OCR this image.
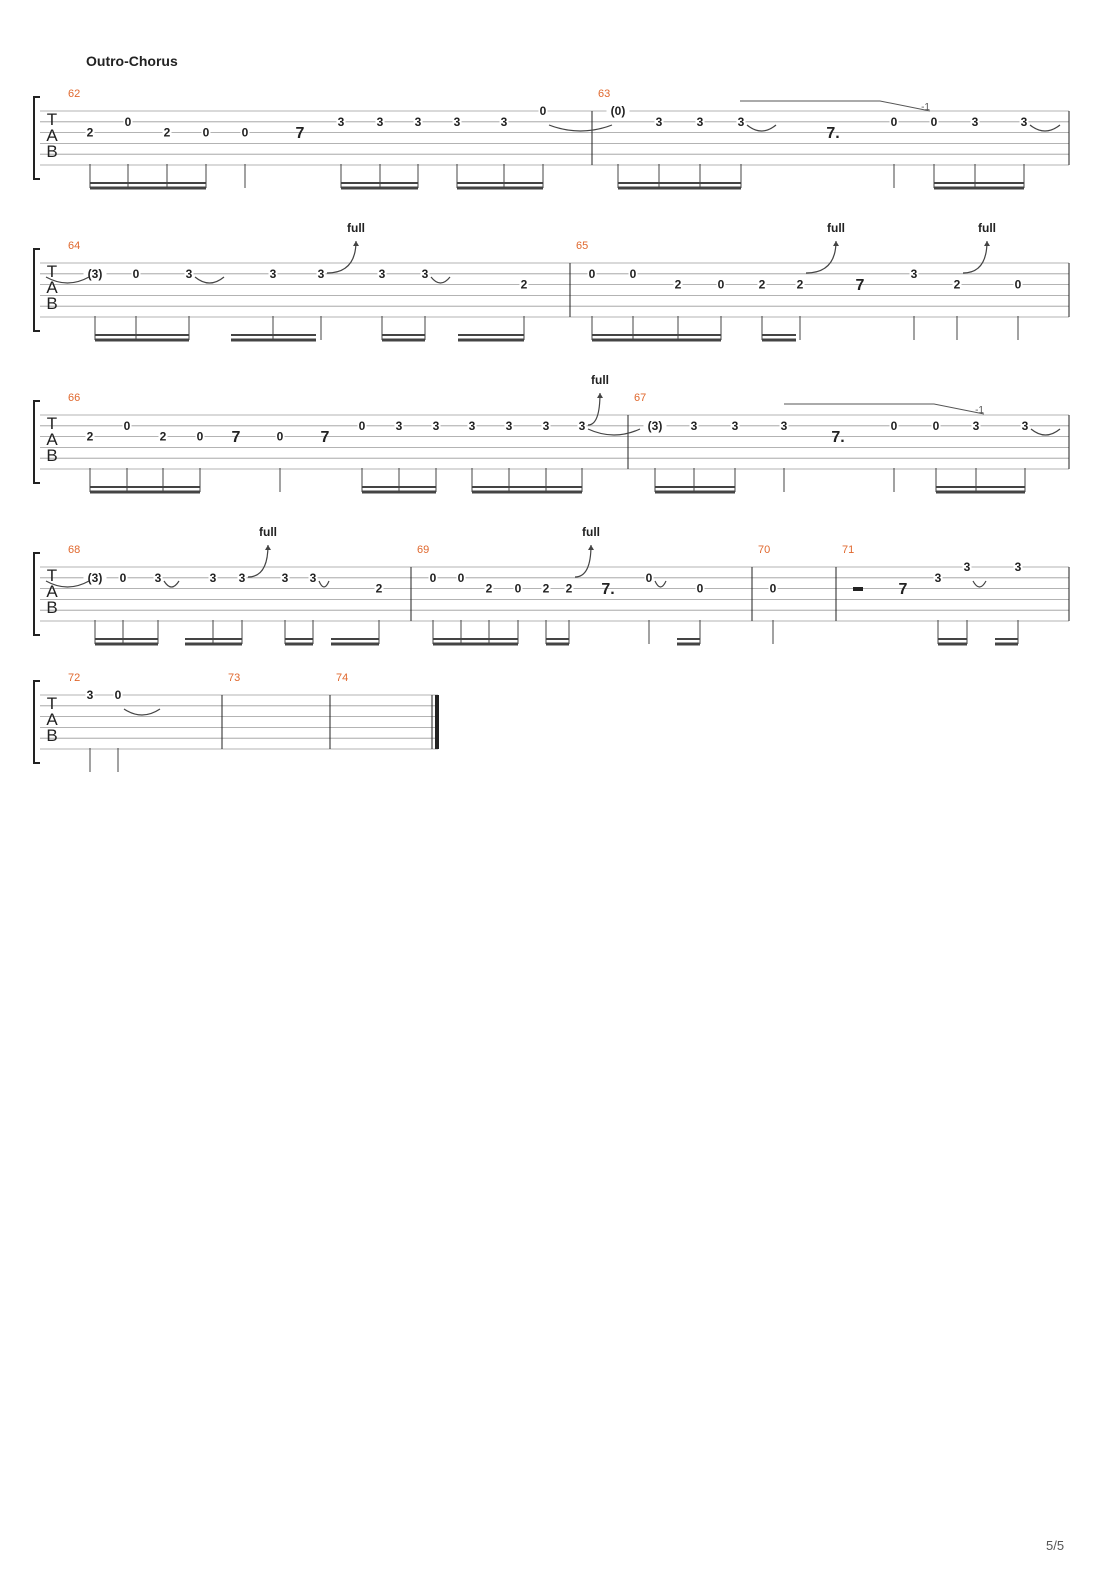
Outro-Chorus
T
A
B
62
2
0
2	0	0
3	3	3	3	3
0
63
(0)
3	3	3	0	0	3	3
7	7.
-1
T
A
B
64
(3)	0	3	3	3	3	3
2
65
0	0
2	0	2	2
3
2	0
7
full	full	full
T
A
B
66
2
0
2	0	0
0	3	3 3	3	3 3
67
(3) 3	3	3	0	0	3	3
7	7	7.
full
-1
T
A
B
68
(3) 0 3	3 3	3 3
2
69
0 0
2 0 2 2
0
0
70
0
71
3
3	3
7.	7
full	full
T
A
B
72
3 0
73	74
5/5
